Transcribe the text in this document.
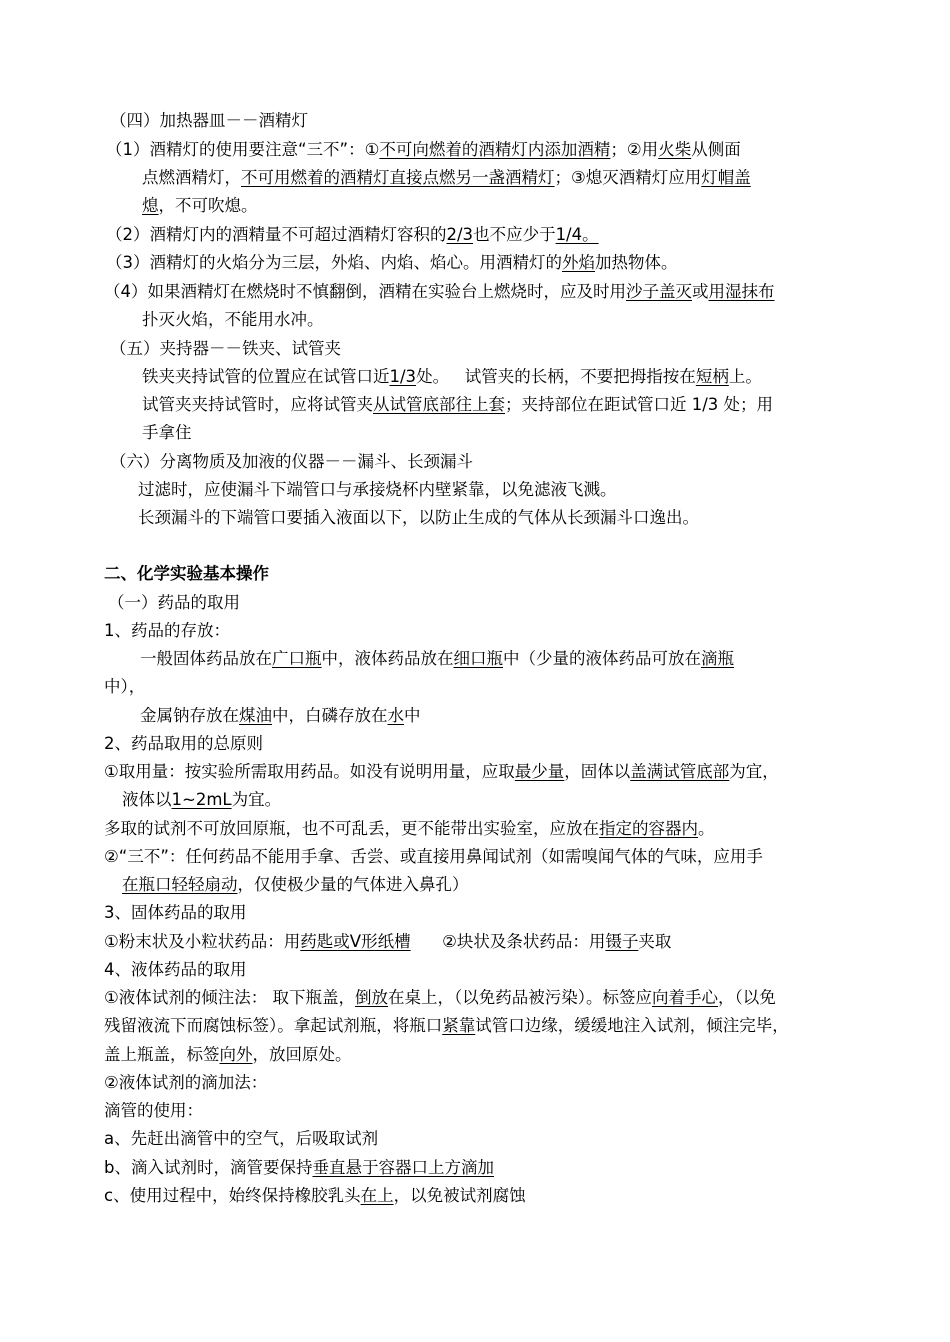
（四）加热器皿－－酒精灯
（1）酒精灯的使用要注意“三不”：①不可向燃着的酒精灯内添加酒精；②用火柴从侧面
点燃酒精灯，不可用燃着的酒精灯直接点燃另一盏酒精灯；③熄灭酒精灯应用灯帽盖
熄，不可吹熄。
（2）酒精灯内的酒精量不可超过酒精灯容积的2/3也不应少于1/4。
（3）酒精灯的火焰分为三层，外焰、内焰、焰心。用酒精灯的外焰加热物体。
（4）如果酒精灯在燃烧时不慎翻倒，酒精在实验台上燃烧时，应及时用沙子盖灭或用湿抹布
扑灭火焰，不能用水冲。
（五）夹持器－－铁夹、试管夹
铁夹夹持试管的位置应在试管口近1/3处。   试管夹的长柄，不要把拇指按在短柄上。
试管夹夹持试管时，应将试管夹从试管底部往上套；夹持部位在距试管口近 1/3 处；用
手拿住
（六）分离物质及加液的仪器－－漏斗、长颈漏斗
过滤时，应使漏斗下端管口与承接烧杯内壁紧靠，以免滤液飞溅。
长颈漏斗的下端管口要插入液面以下，以防止生成的气体从长颈漏斗口逸出。
二、化学实验基本操作
（一）药品的取用
1、药品的存放：
一般固体药品放在广口瓶中，液体药品放在细口瓶中（少量的液体药品可放在滴瓶
中），
金属钠存放在煤油中，白磷存放在水中
2、药品取用的总原则
①取用量：按实验所需取用药品。如没有说明用量，应取最少量，固体以盖满试管底部为宜，
液体以1~2mL为宜。
多取的试剂不可放回原瓶，也不可乱丢，更不能带出实验室，应放在指定的容器内。
②“三不”：任何药品不能用手拿、舌尝、或直接用鼻闻试剂（如需嗅闻气体的气味，应用手
在瓶口轻轻扇动，仅使极少量的气体进入鼻孔）
3、固体药品的取用
①粉末状及小粒状药品：用药匙或V形纸槽      ②块状及条状药品：用镊子夹取
4、液体药品的取用
①液体试剂的倾注法： 取下瓶盖，倒放在桌上，（以免药品被污染）。标签应向着手心，（以免
残留液流下而腐蚀标签）。拿起试剂瓶，将瓶口紧靠试管口边缘，缓缓地注入试剂，倾注完毕，
盖上瓶盖，标签向外，放回原处。
②液体试剂的滴加法：
滴管的使用：
a、先赶出滴管中的空气，后吸取试剂
b、滴入试剂时，滴管要保持垂直悬于容器口上方滴加
c、使用过程中，始终保持橡胶乳头在上，以免被试剂腐蚀
